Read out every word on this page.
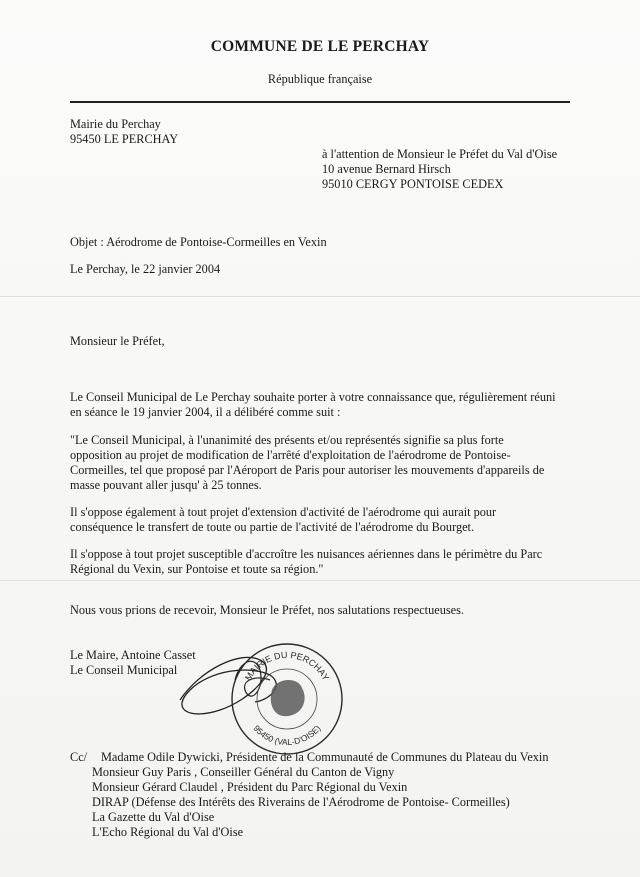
COMMUNE DE LE PERCHAY
République française
Mairie du Perchay
95450 LE PERCHAY
à l'attention de Monsieur le Préfet du Val d'Oise
10 avenue Bernard Hirsch
95010 CERGY PONTOISE CEDEX
Objet : Aérodrome de Pontoise-Cormeilles en Vexin
Le Perchay, le 22 janvier 2004
Monsieur le Préfet,
Le Conseil Municipal de Le Perchay souhaite porter à votre connaissance que, régulièrement réuni
en séance le 19 janvier 2004, il a délibéré comme suit :
"Le Conseil Municipal, à l'unanimité des présents et/ou représentés signifie sa plus forte
opposition au projet de modification de l'arrêté d'exploitation de l'aérodrome de Pontoise-
Cormeilles, tel que proposé par l'Aéroport de Paris pour autoriser les mouvements d'appareils de
masse pouvant aller jusqu' à 25 tonnes.
Il s'oppose également à tout projet d'extension d'activité de l'aérodrome qui aurait pour
conséquence le transfert de toute ou partie de l'activité de l'aérodrome du Bourget.
Il s'oppose à tout projet susceptible d'accroître les nuisances aériennes dans le périmètre du Parc
Régional du Vexin, sur Pontoise et toute sa région."
Nous vous prions de recevoir, Monsieur le Préfet, nos salutations respectueuses.
Le Maire, Antoine Casset
Le Conseil Municipal	MAIRIE DU PERCHAY
95450 (VAL-D'OISE)
Cc/ Madame Odile Dywicki, Présidente de la Communauté de Communes du Plateau du Vexin
Monsieur Guy Paris , Conseiller Général du Canton de Vigny
Monsieur Gérard Claudel , Président du Parc Régional du Vexin
DIRAP (Défense des Intérêts des Riverains de l'Aérodrome de Pontoise- Cormeilles)
La Gazette du Val d'Oise
L'Echo Régional du Val d'Oise
